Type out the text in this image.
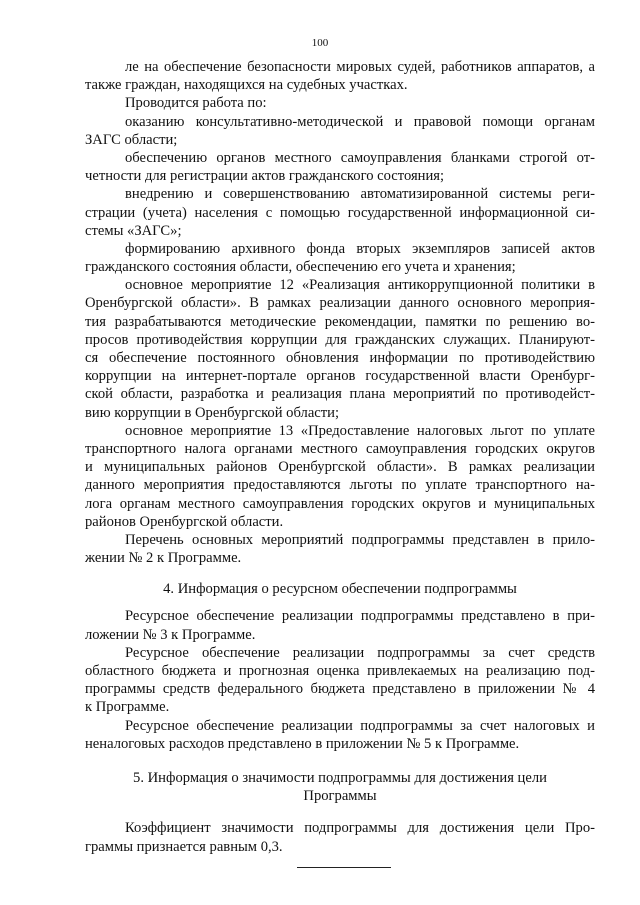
100

ле на обеспечение безопасности мировых судей, работников аппаратов, а
также граждан, находящихся на судебных участках.

Проводится работа по:

оказанию консультативно-методической и правовой помощи органам
ЗАГС области;

обеспечению органов местного самоуправления бланками строгой от-
четности для регистрации актов гражданского состояния;

внедрению и совершенствованию автоматизированной системы реги-
страции (учета) населения с помощью государственной информационной си-
стемы «ЗАГС»;

формированию архивного фонда вторых экземпляров записей актов
гражданского состояния области, обеспечению его учета и хранения;

основное мероприятие 12 «Реализация антикоррупционной политики в
Оренбургской области». В рамках реализации данного основного мероприя-
тия разрабатываются методические рекомендации, памятки по решению во-
просов противодействия коррупции для гражданских служащих. Планируют-
ся обеспечение постоянного обновления информации по противодействию
коррупции на интернет-портале органов государственной власти Оренбург-
ской области, разработка и реализация плана мероприятий по противодейст-
вию коррупции в Оренбургской области;

основное мероприятие 13 «Предоставление налоговых льгот по уплате
транспортного налога органами местного самоуправления городских округов
и муниципальных районов Оренбургской области». В рамках реализации
данного мероприятия предоставляются льготы по уплате транспортного на-
лога органам местного самоуправления городских округов и муниципальных
районов Оренбургской области.

Перечень основных мероприятий подпрограммы представлен в прило-
жении № 2 к Программе.

4. Информация о ресурсном обеспечении подпрограммы

Ресурсное обеспечение реализации подпрограммы представлено в при-
ложении № 3 к Программе.

Ресурсное обеспечение реализации подпрограммы за счет средств
областного бюджета и прогнозная оценка привлекаемых на реализацию под-
программы средств федерального бюджета представлено в приложении № 4
к Программе.

Ресурсное обеспечение реализации подпрограммы за счет налоговых и
неналоговых расходов представлено в приложении № 5 к Программе.

5. Информация о значимости подпрограммы для достижения цели
Программы

Коэффициент значимости подпрограммы для достижения цели Про-
граммы признается равным 0,3.
